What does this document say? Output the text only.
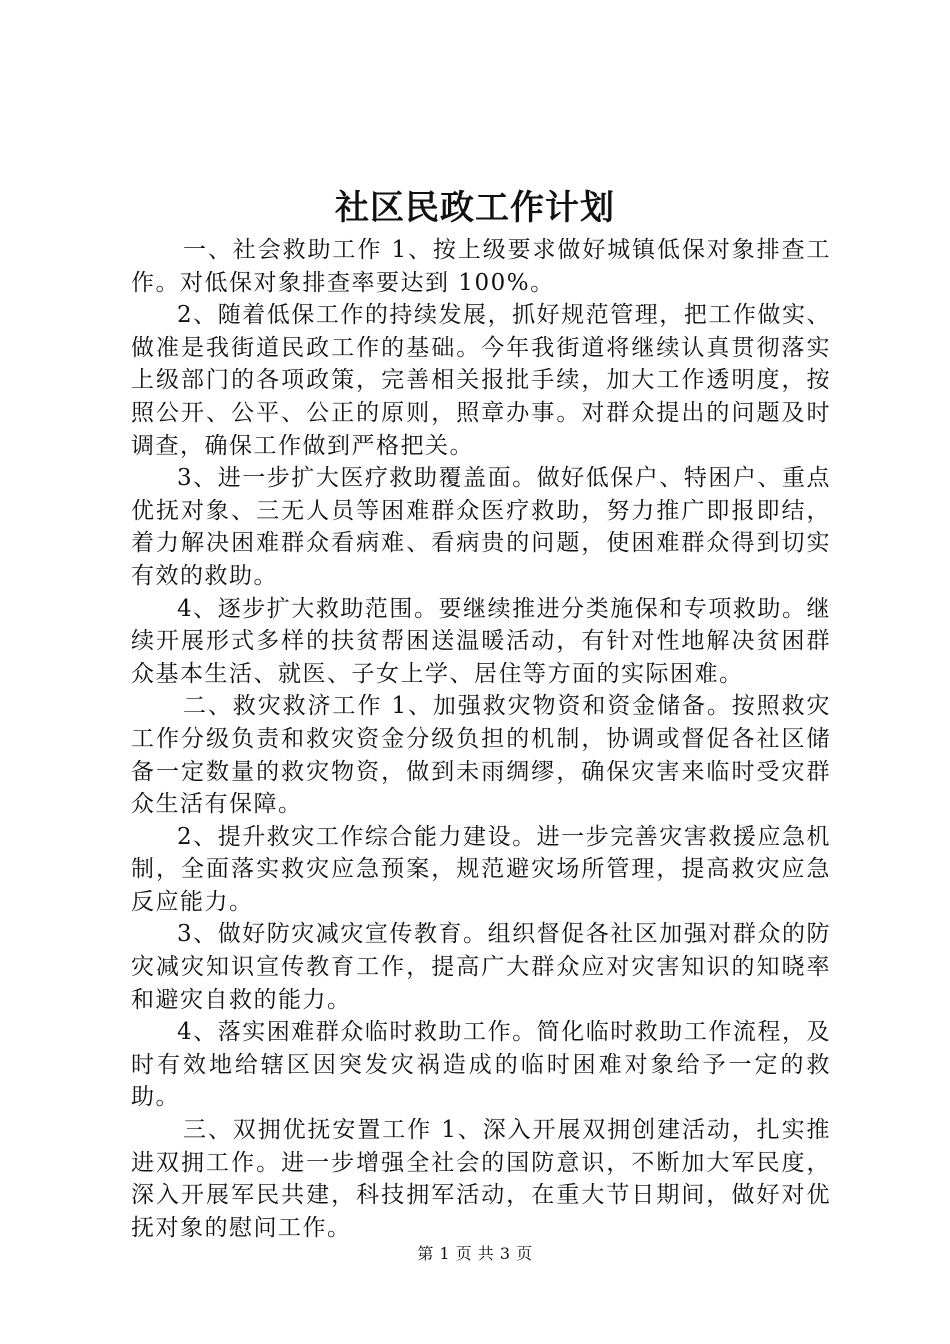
社区民政工作计划

一、社会救助工作 1、按上级要求做好城镇低保对象排查工作。对低保对象排查率要达到 100%。

2、随着低保工作的持续发展，抓好规范管理，把工作做实、做准是我街道民政工作的基础。今年我街道将继续认真贯彻落实上级部门的各项政策，完善相关报批手续，加大工作透明度，按照公开、公平、公正的原则，照章办事。对群众提出的问题及时调查，确保工作做到严格把关。

3、进一步扩大医疗救助覆盖面。做好低保户、特困户、重点优抚对象、三无人员等困难群众医疗救助，努力推广即报即结，着力解决困难群众看病难、看病贵的问题，使困难群众得到切实有效的救助。

4、逐步扩大救助范围。要继续推进分类施保和专项救助。继续开展形式多样的扶贫帮困送温暖活动，有针对性地解决贫困群众基本生活、就医、子女上学、居住等方面的实际困难。

二、救灾救济工作 1、加强救灾物资和资金储备。按照救灾工作分级负责和救灾资金分级负担的机制，协调或督促各社区储备一定数量的救灾物资，做到未雨绸缪，确保灾害来临时受灾群众生活有保障。

2、提升救灾工作综合能力建设。进一步完善灾害救援应急机制，全面落实救灾应急预案，规范避灾场所管理，提高救灾应急反应能力。

3、做好防灾减灾宣传教育。组织督促各社区加强对群众的防灾减灾知识宣传教育工作，提高广大群众应对灾害知识的知晓率和避灾自救的能力。

4、落实困难群众临时救助工作。简化临时救助工作流程，及时有效地给辖区因突发灾祸造成的临时困难对象给予一定的救助。

三、双拥优抚安置工作 1、深入开展双拥创建活动，扎实推进双拥工作。进一步增强全社会的国防意识，不断加大军民度，深入开展军民共建，科技拥军活动，在重大节日期间，做好对优抚对象的慰问工作。

第 1 页 共 3 页
